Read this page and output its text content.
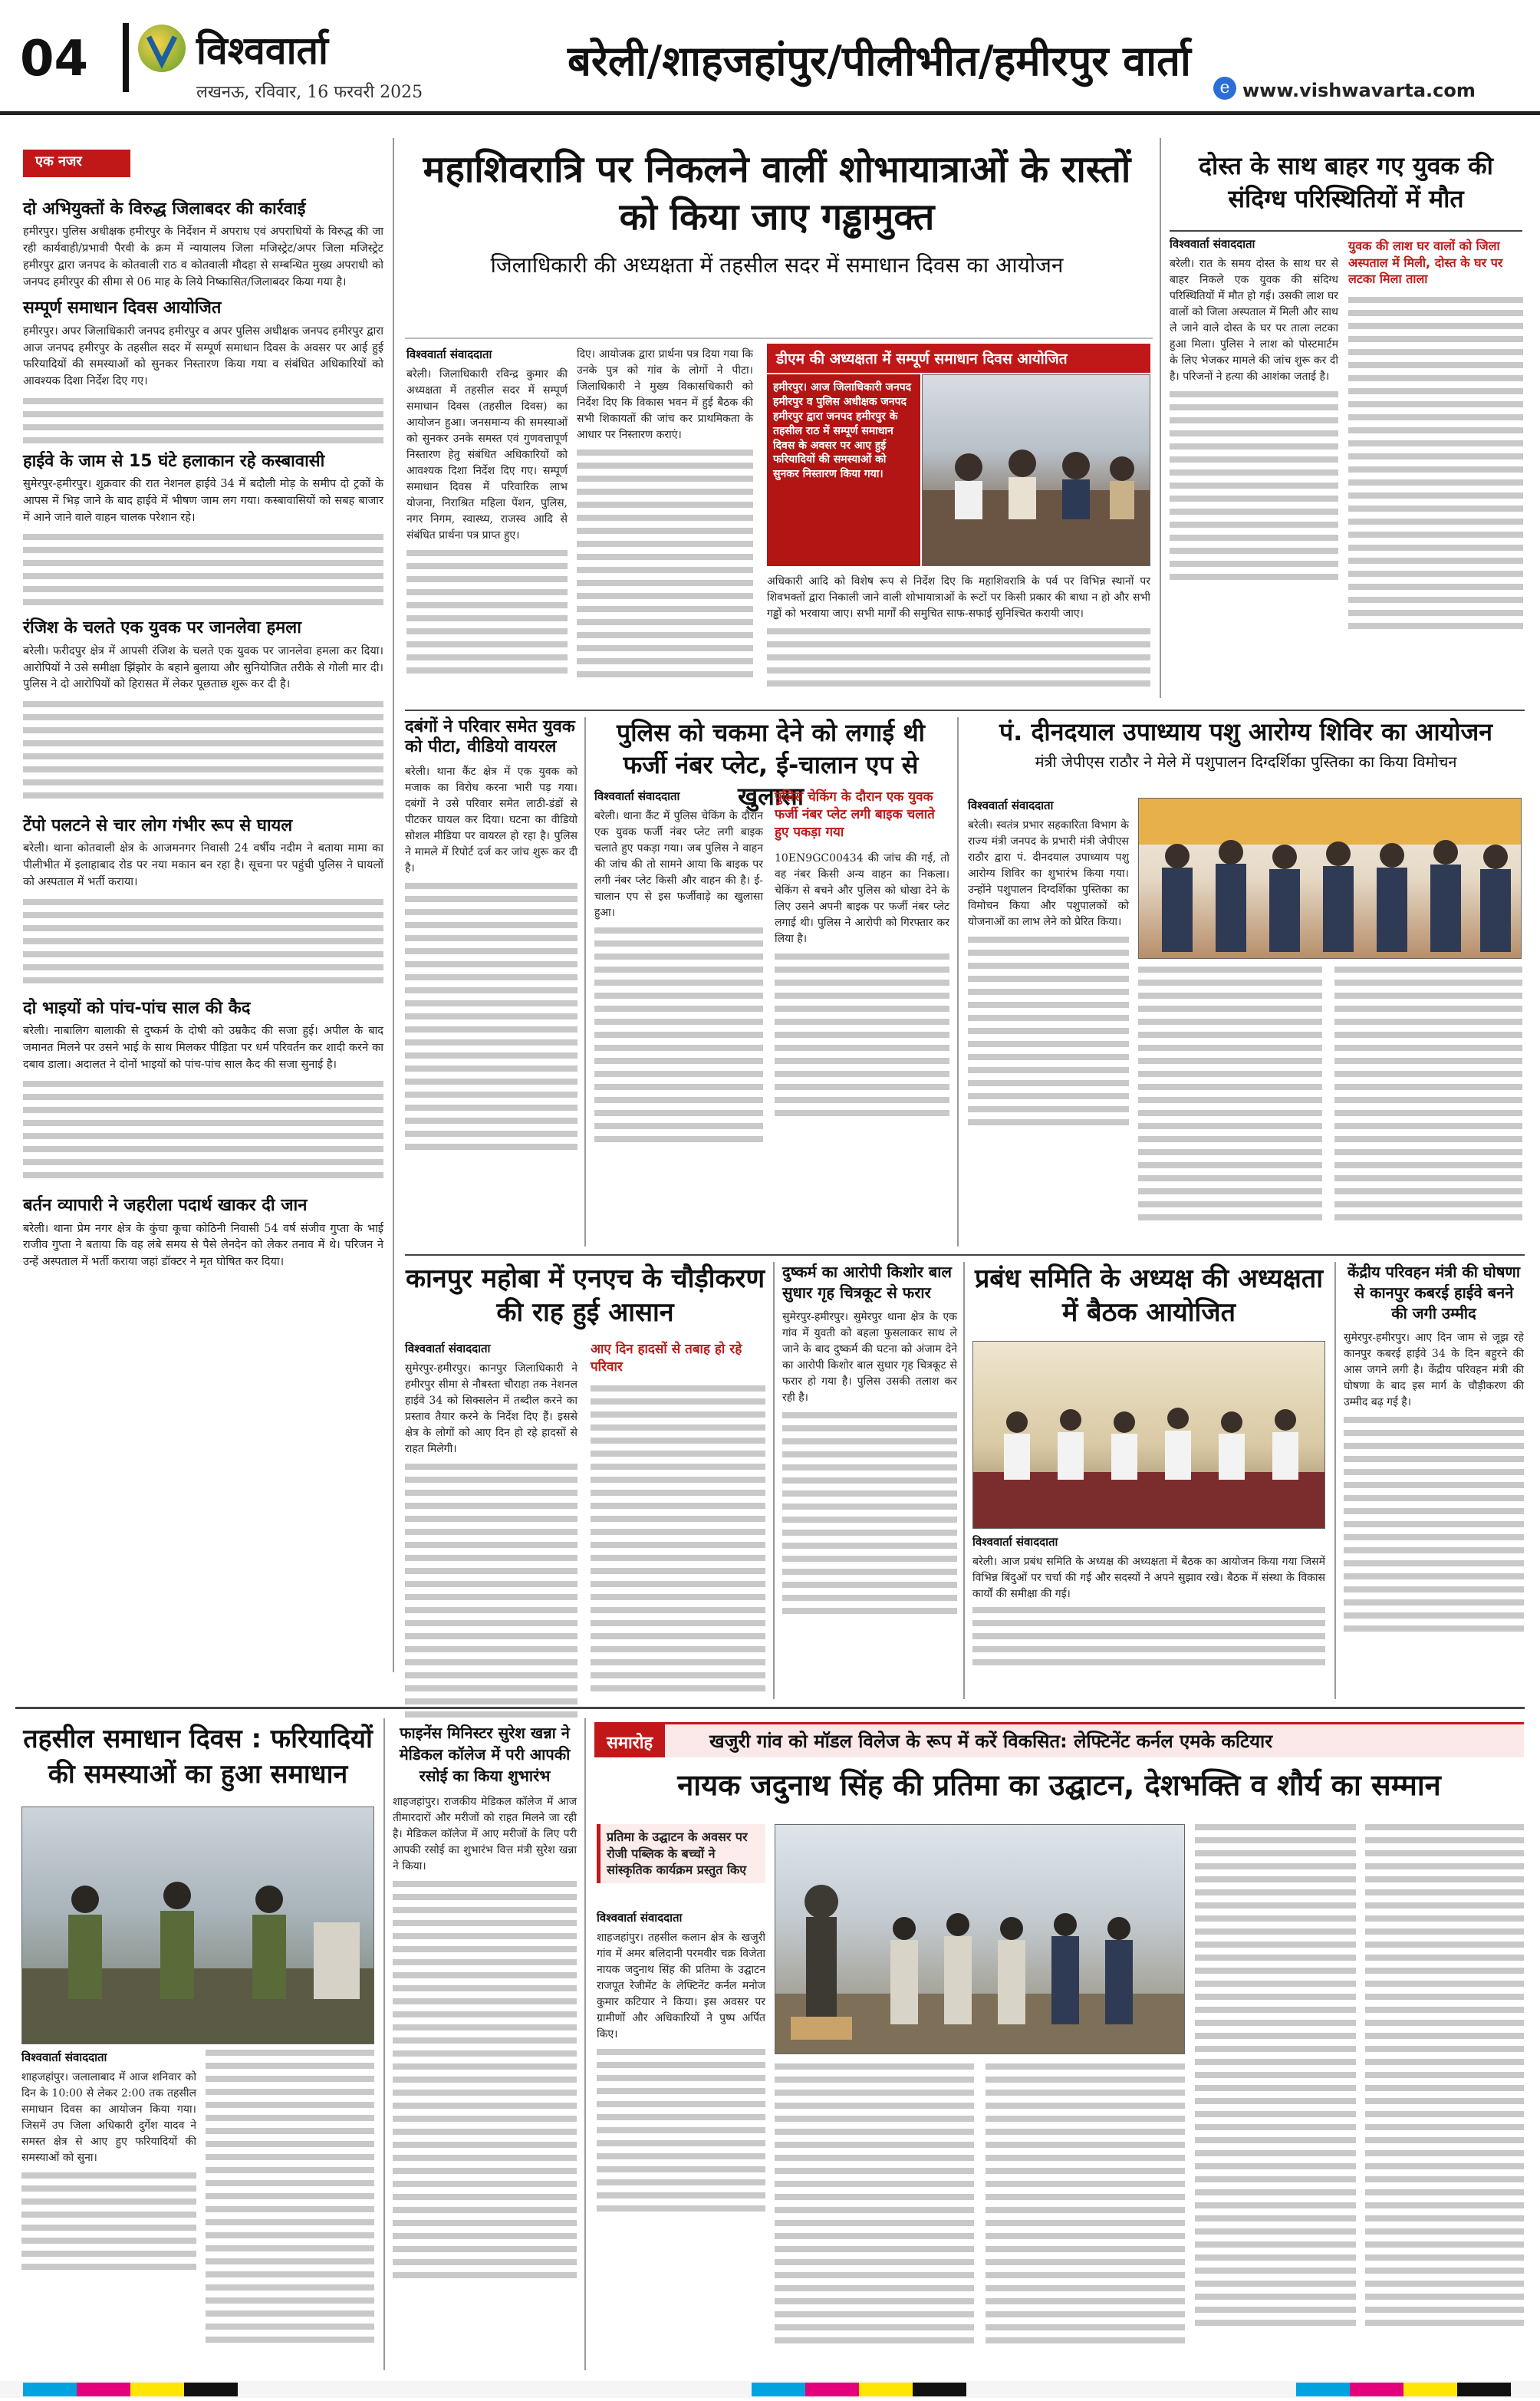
04	विश्ववार्ता
लखनऊ, रविवार, 16 फरवरी 2025
बरेली/शाहजहांपुर/पीलीभीत/हमीरपुर वार्ता
e www.vishwavarta.com
एक नजर
दो अभियुक्तों के विरुद्ध जिलाबदर की कार्रवाई
हमीरपुर। पुलिस अधीक्षक हमीरपुर के निर्देशन में अपराध एवं अपराधियों के विरुद्ध की जा रही कार्यवाही/प्रभावी पैरवी के क्रम में न्यायालय जिला मजिस्ट्रेट/अपर जिला मजिस्ट्रेट हमीरपुर द्वारा जनपद के कोतवाली राठ व कोतवाली मौदहा से सम्बन्धित मुख्य अपराधी को जनपद हमीरपुर की सीमा से 06 माह के लिये निष्कासित/जिलाबदर किया गया है।
सम्पूर्ण समाधान दिवस आयोजित
हमीरपुर। अपर जिलाधिकारी जनपद हमीरपुर व अपर पुलिस अधीक्षक जनपद हमीरपुर द्वारा आज जनपद हमीरपुर के तहसील सदर में सम्पूर्ण समाधान दिवस के अवसर पर आई हुई फरियादियों की समस्याओं को सुनकर निस्तारण किया गया व संबंधित अधिकारियों को आवश्यक दिशा निर्देश दिए गए।
हाईवे के जाम से 15 घंटे हलाकान रहे कस्बावासी
सुमेरपुर-हमीरपुर। शुक्रवार की रात नेशनल हाईवे 34 में बदौली मोड़ के समीप दो ट्रकों के आपस में भिड़ जाने के बाद हाईवे में भीषण जाम लग गया। कस्बावासियों को सबह बाजार में आने जाने वाले वाहन चालक परेशान रहे।
रंजिश के चलते एक युवक पर जानलेवा हमला
बरेली। फरीदपुर क्षेत्र में आपसी रंजिश के चलते एक युवक पर जानलेवा हमला कर दिया। आरोपियों ने उसे समीक्षा झिंझोर के बहाने बुलाया और सुनियोजित तरीके से गोली मार दी। पुलिस ने दो आरोपियों को हिरासत में लेकर पूछताछ शुरू कर दी है।
टेंपो पलटने से चार लोग गंभीर रूप से घायल
बरेली। थाना कोतवाली क्षेत्र के आजमनगर निवासी 24 वर्षीय नदीम ने बताया मामा का पीलीभीत में इलाहाबाद रोड पर नया मकान बन रहा है। सूचना पर पहुंची पुलिस ने घायलों को अस्पताल में भर्ती कराया।
दो भाइयों को पांच-पांच साल की कैद
बरेली। नाबालिग बालाकी से दुष्कर्म के दोषी को उम्रकैद की सजा हुई। अपील के बाद जमानत मिलने पर उसने भाई के साथ मिलकर पीड़िता पर धर्म परिवर्तन कर शादी करने का दबाव डाला। अदालत ने दोनों भाइयों को पांच-पांच साल कैद की सजा सुनाई है।
बर्तन व्यापारी ने जहरीला पदार्थ खाकर दी जान
बरेली। थाना प्रेम नगर क्षेत्र के कुंचा कूचा कोठिनी निवासी 54 वर्ष संजीव गुप्ता के भाई राजीव गुप्ता ने बताया कि वह लंबे समय से पैसे लेनदेन को लेकर तनाव में थे। परिजन ने उन्हें अस्पताल में भर्ती कराया जहां डॉक्टर ने मृत घोषित कर दिया।
महाशिवरात्रि पर निकलने वालीं शोभायात्राओं के रास्तों को किया जाए गड्ढामुक्त
जिलाधिकारी की अध्यक्षता में तहसील सदर में समाधान दिवस का आयोजन
विश्ववार्ता संवाददाता
बरेली। जिलाधिकारी रविन्द्र कुमार की अध्यक्षता में तहसील सदर में सम्पूर्ण समाधान दिवस (तहसील दिवस) का आयोजन हुआ। जनसमान्य की समस्याओं को सुनकर उनके समस्त एवं गुणवत्तापूर्ण निस्तारण हेतु संबंधित अधिकारियों को आवश्यक दिशा निर्देश दिए गए। सम्पूर्ण समाधान दिवस में परिवारिक लाभ योजना, निराश्रित महिला पेंशन, पुलिस, नगर निगम, स्वास्थ्य, राजस्व आदि से संबंधित प्रार्थना पत्र प्राप्त हुए।
दिए। आयोजक द्वारा प्रार्थना पत्र दिया गया कि उनके पुत्र को गांव के लोगों ने पीटा। जिलाधिकारी ने मुख्य विकासधिकारी को निर्देश दिए कि विकास भवन में हुई बैठक की सभी शिकायतों की जांच कर प्राथमिकता के आधार पर निस्तारण कराएं।
डीएम की अध्यक्षता में सम्पूर्ण समाधान दिवस आयोजित
हमीरपुर। आज जिलाधिकारी जनपद हमीरपुर व पुलिस अधीक्षक जनपद हमीरपुर द्वारा जनपद हमीरपुर के तहसील राठ में सम्पूर्ण समाधान दिवस के अवसर पर आए हुई फरियादियों की समस्याओं को सुनकर निस्तारण किया गया।
अधिकारी आदि को विशेष रूप से निर्देश दिए कि महाशिवरात्रि के पर्व पर विभिन्न स्थानों पर शिवभक्तों द्वारा निकाली जाने वाली शोभायात्राओं के रूटों पर किसी प्रकार की बाधा न हो और सभी गड्ढों को भरवाया जाए। सभी मार्गों की समुचित साफ-सफाई सुनिश्चित करायी जाए।
दोस्त के साथ बाहर गए युवक की संदिग्ध परिस्थितियों में मौत
विश्ववार्ता संवाददाता
बरेली। रात के समय दोस्त के साथ घर से बाहर निकले एक युवक की संदिग्ध परिस्थितियों में मौत हो गई। उसकी लाश घर वालों को जिला अस्पताल में मिली और साथ ले जाने वाले दोस्त के घर पर ताला लटका हुआ मिला। पुलिस ने लाश को पोस्टमार्टम के लिए भेजकर मामले की जांच शुरू कर दी है। परिजनों ने हत्या की आशंका जताई है।
युवक की लाश घर वालों को जिला अस्पताल में मिली, दोस्त के घर पर लटका मिला ताला
दबंगों ने परिवार समेत युवक को पीटा, वीडियो वायरल
बरेली। थाना कैंट क्षेत्र में एक युवक को मजाक का विरोध करना भारी पड़ गया। दबंगों ने उसे परिवार समेत लाठी-डंडों से पीटकर घायल कर दिया। घटना का वीडियो सोशल मीडिया पर वायरल हो रहा है। पुलिस ने मामले में रिपोर्ट दर्ज कर जांच शुरू कर दी है।
पुलिस को चकमा देने को लगाई थी फर्जी नंबर प्लेट, ई-चालान एप से खुलासा
विश्ववार्ता संवाददाता
बरेली। थाना कैंट में पुलिस चेकिंग के दौरान एक युवक फर्जी नंबर प्लेट लगी बाइक चलाते हुए पकड़ा गया। जब पुलिस ने वाहन की जांच की तो सामने आया कि बाइक पर लगी नंबर प्लेट किसी और वाहन की है। ई-चालान एप से इस फर्जीवाड़े का खुलासा हुआ।
पुलिस चेकिंग के दौरान एक युवक फर्जी नंबर प्लेट लगी बाइक चलाते हुए पकड़ा गया
10EN9GC00434 की जांच की गई, तो वह नंबर किसी अन्य वाहन का निकला। चेकिंग से बचने और पुलिस को धोखा देने के लिए उसने अपनी बाइक पर फर्जी नंबर प्लेट लगाई थी। पुलिस ने आरोपी को गिरफ्तार कर लिया है।
पं. दीनदयाल उपाध्याय पशु आरोग्य शिविर का आयोजन
मंत्री जेपीएस राठौर ने मेले में पशुपालन दिग्दर्शिका पुस्तिका का किया विमोचन
विश्ववार्ता संवाददाता
बरेली। स्वतंत्र प्रभार सहकारिता विभाग के राज्य मंत्री जनपद के प्रभारी मंत्री जेपीएस राठौर द्वारा पं. दीनदयाल उपाध्याय पशु आरोग्य शिविर का शुभारंभ किया गया। उन्होंने पशुपालन दिग्दर्शिका पुस्तिका का विमोचन किया और पशुपालकों को योजनाओं का लाभ लेने को प्रेरित किया।
कानपुर महोबा में एनएच के चौड़ीकरण की राह हुई आसान
विश्ववार्ता संवाददाता
सुमेरपुर-हमीरपुर। कानपुर जिलाधिकारी ने हमीरपुर सीमा से नौबस्ता चौराहा तक नेशनल हाईवे 34 को सिक्सलेन में तब्दील करने का प्रस्ताव तैयार करने के निर्देश दिए हैं। इससे क्षेत्र के लोगों को आए दिन हो रहे हादसों से राहत मिलेगी।
आए दिन हादसों से तबाह हो रहे परिवार
दुष्कर्म का आरोपी किशोर बाल सुधार गृह चित्रकूट से फरार
सुमेरपुर-हमीरपुर। सुमेरपुर थाना क्षेत्र के एक गांव में युवती को बहला फुसलाकर साथ ले जाने के बाद दुष्कर्म की घटना को अंजाम देने का आरोपी किशोर बाल सुधार गृह चित्रकूट से फरार हो गया है। पुलिस उसकी तलाश कर रही है।
प्रबंध समिति के अध्यक्ष की अध्यक्षता में बैठक आयोजित
विश्ववार्ता संवाददाता
बरेली। आज प्रबंध समिति के अध्यक्ष की अध्यक्षता में बैठक का आयोजन किया गया जिसमें विभिन्न बिंदुओं पर चर्चा की गई और सदस्यों ने अपने सुझाव रखे। बैठक में संस्था के विकास कार्यों की समीक्षा की गई।
केंद्रीय परिवहन मंत्री की घोषणा से कानपुर कबरई हाईवे बनने की जगी उम्मीद
सुमेरपुर-हमीरपुर। आए दिन जाम से जूझ रहे कानपुर कबरई हाईवे 34 के दिन बहुरने की आस जगने लगी है। केंद्रीय परिवहन मंत्री की घोषणा के बाद इस मार्ग के चौड़ीकरण की उम्मीद बढ़ गई है।
तहसील समाधान दिवस : फरियादियों की समस्याओं का हुआ समाधान
विश्ववार्ता संवाददाता
शाहजहांपुर। जलालाबाद में आज शनिवार को दिन के 10:00 से लेकर 2:00 तक तहसील समाधान दिवस का आयोजन किया गया। जिसमें उप जिला अधिकारी दुर्गेश यादव ने समस्त क्षेत्र से आए हुए फरियादियों की समस्याओं को सुना।
फाइनेंस मिनिस्टर सुरेश खन्ना ने मेडिकल कॉलेज में परी आपकी रसोई का किया शुभारंभ
शाहजहांपुर। राजकीय मेडिकल कॉलेज में आज तीमारदारों और मरीजों को राहत मिलने जा रही है। मेडिकल कॉलेज में आए मरीजों के लिए परी आपकी रसोई का शुभारंभ वित्त मंत्री सुरेश खन्ना ने किया।
समारोह	खजुरी गांव को मॉडल विलेज के रूप में करें विकसित: लेफ्टिनेंट कर्नल एमके कटियार
नायक जदुनाथ सिंह की प्रतिमा का उद्घाटन, देशभक्ति व शौर्य का सम्मान
प्रतिमा के उद्घाटन के अवसर पर रोजी पब्लिक के बच्चों ने सांस्कृतिक कार्यक्रम प्रस्तुत किए
विश्ववार्ता संवाददाता
शाहजहांपुर। तहसील कलान क्षेत्र के खजुरी गांव में अमर बलिदानी परमवीर चक्र विजेता नायक जदुनाथ सिंह की प्रतिमा के उद्घाटन राजपूत रेजीमेंट के लेफ्टिनेंट कर्नल मनोज कुमार कटियार ने किया। इस अवसर पर ग्रामीणों और अधिकारियों ने पुष्प अर्पित किए।
